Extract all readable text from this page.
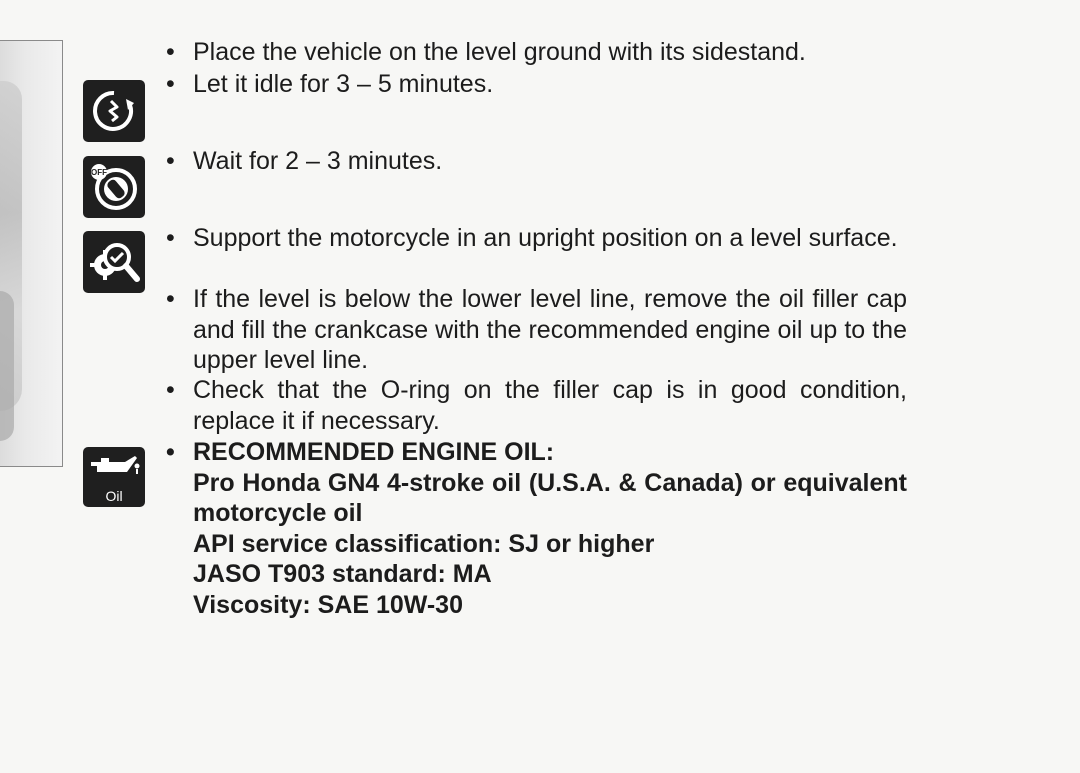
OFF
Oil
• Place the vehicle on the level ground with its sidestand.
• Let it idle for 3 – 5 minutes.
• Wait for 2 – 3 minutes.
• Support the motorcycle in an upright position on a level surface.
• If the level is below the lower level line, remove the oil filler cap and fill the crankcase with the recommended engine oil up to the upper level line.
• Check that the O-ring on the filler cap is in good condition, replace it if necessary.
• RECOMMENDED ENGINE OIL:
Pro Honda GN4 4-stroke oil (U.S.A. & Canada) or equivalent motorcycle oil
API service classification: SJ or higher
JASO T903 standard: MA
Viscosity: SAE 10W-30
